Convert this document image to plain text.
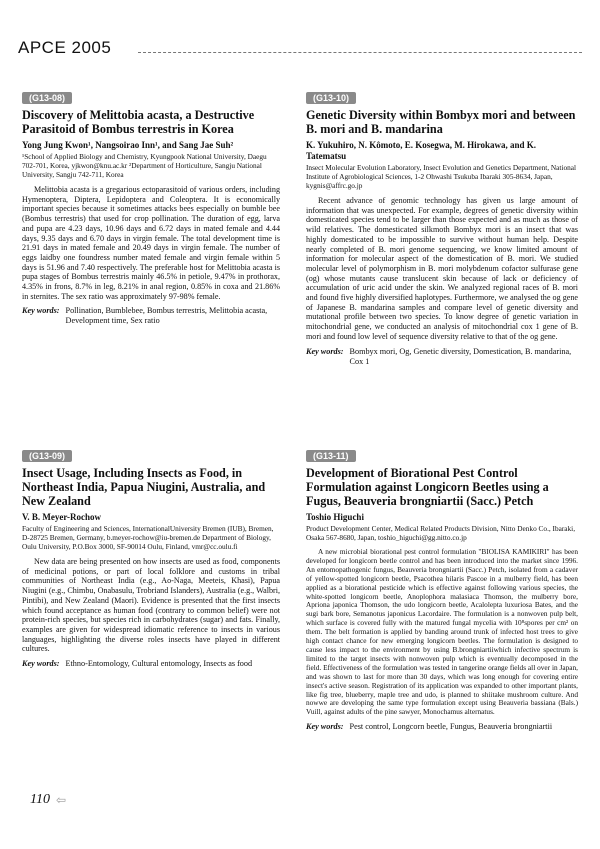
APCE 2005
(G13-08)
Discovery of Melittobia acasta, a Destructive Parasitoid of Bombus terrestris in Korea
Yong Jung Kwon¹, Nangsoirao Inn¹, and Sang Jae Suh²
¹School of Applied Biology and Chemistry, Kyungpook National University, Daegu 702-701, Korea, yjkwon@knu.ac.kr ²Department of Horticulture, Sangju National University, Sangju 742-711, Korea

Melittobia acasta is a gregarious ectoparasitoid of various orders, including Hymenoptera, Diptera, Lepidoptera and Coleoptera. It is economically important species because it sometimes attacks bees especially on bumble bee (Bombus terrestris) that used for crop pollination. The duration of egg, larva and pupa are 4.23 days, 10.96 days and 6.72 days in mated female and 4.44 days, 9.35 days and 6.70 days in virgin female. The total development time is 21.91 days in mated female and 20.49 days in virgin female. The number of eggs laidby one foundress number mated female and virgin female within 5 days is 51.96 and 7.40 respectively. The preferable host for Melittobia acasta is pupa stages of Bombus terrestris mainly 46.5% in petiole, 9.47% in prothorax, 4.35% in frons, 8.7% in leg, 8.21% in anal region, 0.85% in coxa and 21.86% in sternites. The sex ratio was approximately 97-98% female.

Key words: Pollination, Bumblebee, Bombus terrestris, Melittobia acasta, Development time, Sex ratio
(G13-10)
Genetic Diversity within Bombyx mori and between B. mori and B. mandarina
K. Yukuhiro, N. Kômoto, E. Kosegwa, M. Hirokawa, and K. Tatematsu
Insect Molecular Evolution Laboratory, Insect Evolution and Genetics Department, National Institute of Agrobiological Sciences, 1-2 Ohwashi Tsukuba Ibaraki 305-8634, Japan, kygnis@affrc.go.jp

Recent advance of genomic technology has given us large amount of information that was unexpected. For example, degrees of genetic diversity within domesticated species tend to be larger than those expected and as much as those of wild relatives. The domesticated silkmoth Bombyx mori is an insect that was highly domesticated to be impossible to survive without human help. Despite nearly completed of B. mori genome sequencing, we know limited amount of information for molecular aspect of the domestication of B. mori. We studied molecular level of polymorphism in B. mori molybdenum cofactor sulfurase gene (og) whose mutants cause translucent skin because of lack or deficiency of accumulation of uric acid under the skin. We analyzed regional races of B. mori and found five highly diversified haplotypes. Furthermore, we analysed the og gene of Japanese B. mandarina samples and compare level of genetic diversity and mutational profile between two species. To know degree of genetic variation in mitochondrial gene, we conducted an analysis of mitochondrial cox 1 gene of B. mori and found low level of sequence diversity relative to that of the og gene.

Key words: Bombyx mori, Og, Genetic diversity, Domestication, B. mandarina, Cox 1
(G13-09)
Insect Usage, Including Insects as Food, in Northeast India, Papua Niugini, Australia, and New Zealand
V. B. Meyer-Rochow
Faculty of Engineering and Sciences, InternationalUniversity Bremen (IUB), Bremen, D-28725 Bremen, Germany, b.meyer-rochow@iu-bremen.de Department of Biology, Oulu University, P.O.Box 3000, SF-90014 Oulu, Finland, vmr@cc.oulu.fi

New data are being presented on how insects are used as food, components of medicinal potions, or part of local folklore and customs in tribal communities of Northeast India (e.g., Ao-Naga, Meeteis, Khasi), Papua Niugini (e.g., Chimbu, Onabasulu, Trobriand Islanders), Australia (e.g., Walbri, Pintibi), and New Zealand (Maori). Evidence is presented that the first insects which found acceptance as human food (contrary to common belief) were not protein-rich species, but species rich in carbohydrates (sugar) and fats. Finally, examples are given for widespread idiomatic reference to insects in various languages, highlighting the diverse roles insects have played in different cultures.

Key words: Ethno-Entomology, Cultural entomology, Insects as food
(G13-11)
Development of Biorational Pest Control Formulation against Longicorn Beetles using a Fugus, Beauveria brongniartii (Sacc.) Petch
Toshio Higuchi
Product Development Center, Medical Related Products Division, Nitto Denko Co., Ibaraki, Osaka 567-8680, Japan, toshio_higuchi@gg.nitto.co.jp

A new microbial biorational pest control formulation "BIOLISA KAMIKIRI" has been developed for longicorn beetle control and has been introduced into the market since 1996. An entomopathogenic fungus, Beauveria brongniartii (Sacc.) Petch, isolated from a cadaver of yellow-spotted longicorn beetle, Psacothea hilaris Pascoe in a mulberry field, has been applied as a biorational pesticide which is effective against following various species, the white-spotted longicorn beetle, Anoplophora malasiaca Thomson, the mulberry bore, Apriona japonica Thomson, the udo longicorn beetle, Acalolepta luxuriosa Bates, and the sugi bark bore, Semanotus japonicus Lacordaire. The formulation is a nonwoven pulp belt, which surface is covered fully with the matured fungal mycelia with 10⁸spores per cm² on them. The belt formation is applied by banding around trunk of infected host trees to give high contact chance for new emerging longicorn beetles. The formulation is designed to cause less impact to the environment by using B.brongniartiiwhich infective spectrum is limited to the target insects with nonwoven pulp which is eventually decomposed in the field. Effectiveness of the formulation was tested in tangerine orange fields all over in Japan, and was shown to last for more than 30 days, which was long enough for covering entire insect's active season. Registration of its application was expanded to other important plants, like fig tree, blueberry, maple tree and udo, is planned to shiitake mushroom culture. And nowwe are developing the same type formulation except using Beauveria bassiana (Bals.) Vuill, against adults of the pine sawyer, Monochamus alternatus.

Key words: Pest control, Longcorn beetle, Fungus, Beauveria brongniartii
110 ⇦
